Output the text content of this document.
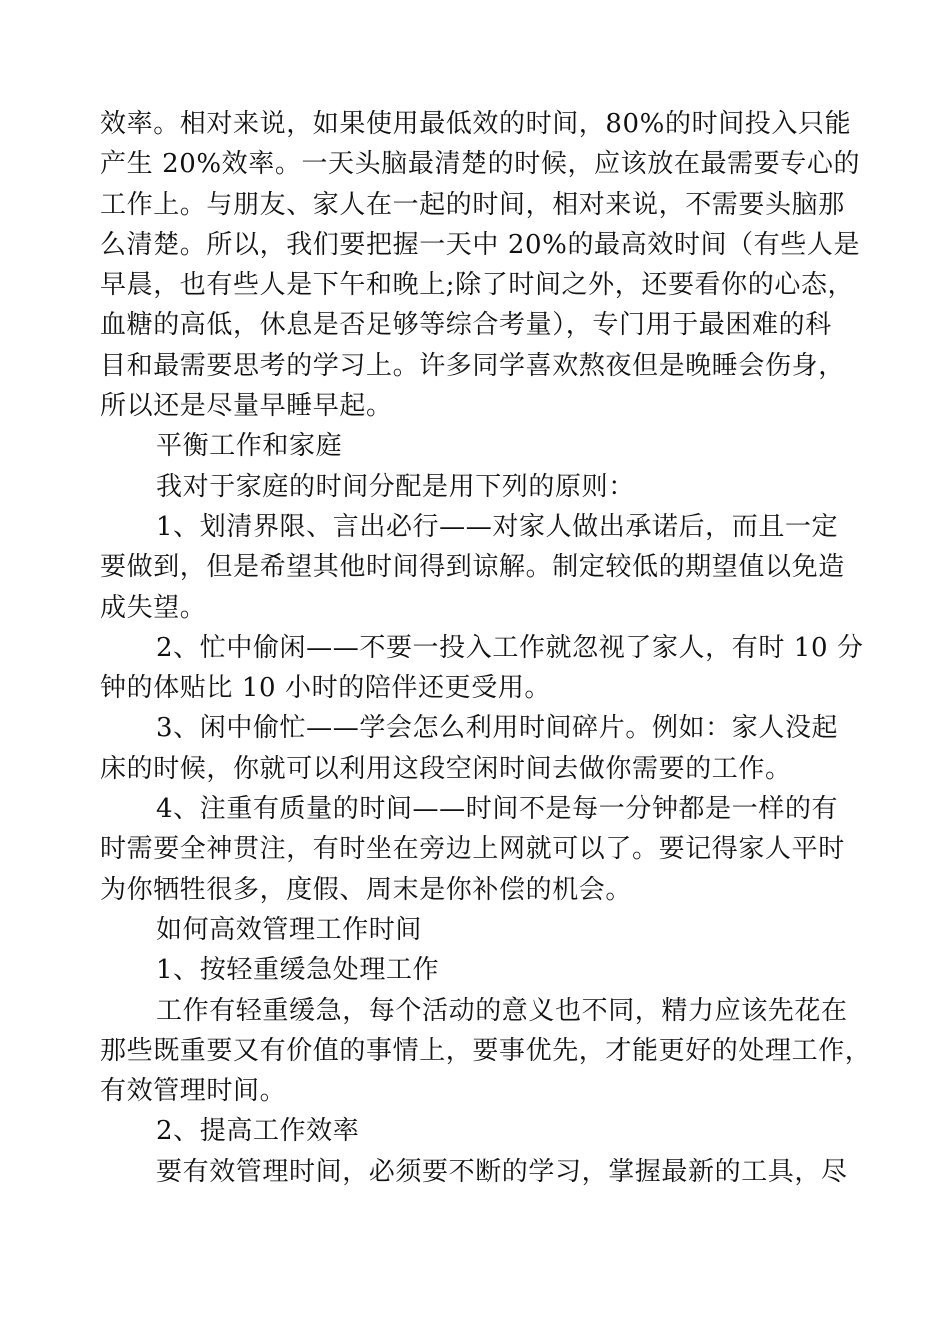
效率。相对来说，如果使用最低效的时间，80%的时间投入只能
产生 20%效率。一天头脑最清楚的时候，应该放在最需要专心的
工作上。与朋友、家人在一起的时间，相对来说，不需要头脑那
么清楚。所以，我们要把握一天中 20%的最高效时间（有些人是
早晨，也有些人是下午和晚上;除了时间之外，还要看你的心态，
血糖的高低，休息是否足够等综合考量），专门用于最困难的科
目和最需要思考的学习上。许多同学喜欢熬夜但是晚睡会伤身，
所以还是尽量早睡早起。
平衡工作和家庭
我对于家庭的时间分配是用下列的原则：
1、划清界限、言出必行——对家人做出承诺后，而且一定
要做到，但是希望其他时间得到谅解。制定较低的期望值以免造
成失望。
2、忙中偷闲——不要一投入工作就忽视了家人，有时 10 分
钟的体贴比 10 小时的陪伴还更受用。
3、闲中偷忙——学会怎么利用时间碎片。例如：家人没起
床的时候，你就可以利用这段空闲时间去做你需要的工作。
4、注重有质量的时间——时间不是每一分钟都是一样的有
时需要全神贯注，有时坐在旁边上网就可以了。要记得家人平时
为你牺牲很多，度假、周末是你补偿的机会。
如何高效管理工作时间
1、按轻重缓急处理工作
工作有轻重缓急，每个活动的意义也不同，精力应该先花在
那些既重要又有价值的事情上，要事优先，才能更好的处理工作，
有效管理时间。
2、提高工作效率
要有效管理时间，必须要不断的学习，掌握最新的工具，尽
